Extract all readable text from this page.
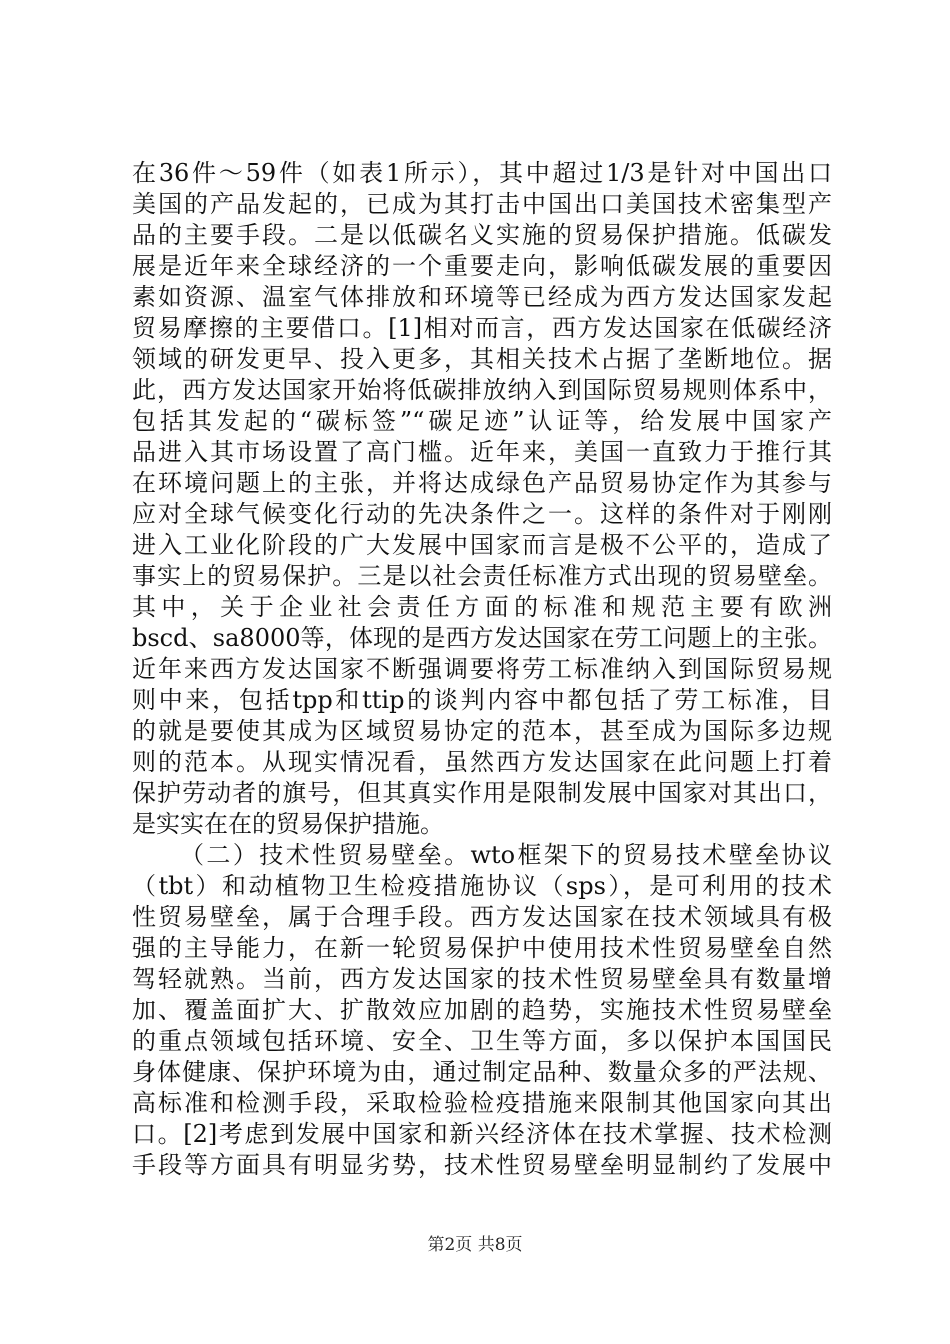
在36件～59件（如表1所示），其中超过1/3是针对中国出口
美国的产品发起的，已成为其打击中国出口美国技术密集型产
品的主要手段。二是以低碳名义实施的贸易保护措施。低碳发
展是近年来全球经济的一个重要走向，影响低碳发展的重要因
素如资源、温室气体排放和环境等已经成为西方发达国家发起
贸易摩擦的主要借口。[1]相对而言，西方发达国家在低碳经济
领域的研发更早、投入更多，其相关技术占据了垄断地位。据
此，西方发达国家开始将低碳排放纳入到国际贸易规则体系中，
包括其发起的“碳标签”“碳足迹”认证等，给发展中国家产
品进入其市场设置了高门槛。近年来，美国一直致力于推行其
在环境问题上的主张，并将达成绿色产品贸易协定作为其参与
应对全球气候变化行动的先决条件之一。这样的条件对于刚刚
进入工业化阶段的广大发展中国家而言是极不公平的，造成了
事实上的贸易保护。三是以社会责任标准方式出现的贸易壁垒。
其中，关于企业社会责任方面的标准和规范主要有欧洲
bscd、sa8000等，体现的是西方发达国家在劳工问题上的主张。
近年来西方发达国家不断强调要将劳工标准纳入到国际贸易规
则中来，包括tpp和ttip的谈判内容中都包括了劳工标准，目
的就是要使其成为区域贸易协定的范本，甚至成为国际多边规
则的范本。从现实情况看，虽然西方发达国家在此问题上打着
保护劳动者的旗号，但其真实作用是限制发展中国家对其出口，
是实实在在的贸易保护措施。
（二）技术性贸易壁垒。wto框架下的贸易技术壁垒协议
（tbt）和动植物卫生检疫措施协议（sps），是可利用的技术
性贸易壁垒，属于合理手段。西方发达国家在技术领域具有极
强的主导能力，在新一轮贸易保护中使用技术性贸易壁垒自然
驾轻就熟。当前，西方发达国家的技术性贸易壁垒具有数量增
加、覆盖面扩大、扩散效应加剧的趋势，实施技术性贸易壁垒
的重点领域包括环境、安全、卫生等方面，多以保护本国国民
身体健康、保护环境为由，通过制定品种、数量众多的严法规、
高标准和检测手段，采取检验检疫措施来限制其他国家向其出
口。[2]考虑到发展中国家和新兴经济体在技术掌握、技术检测
手段等方面具有明显劣势，技术性贸易壁垒明显制约了发展中
第2页 共8页
